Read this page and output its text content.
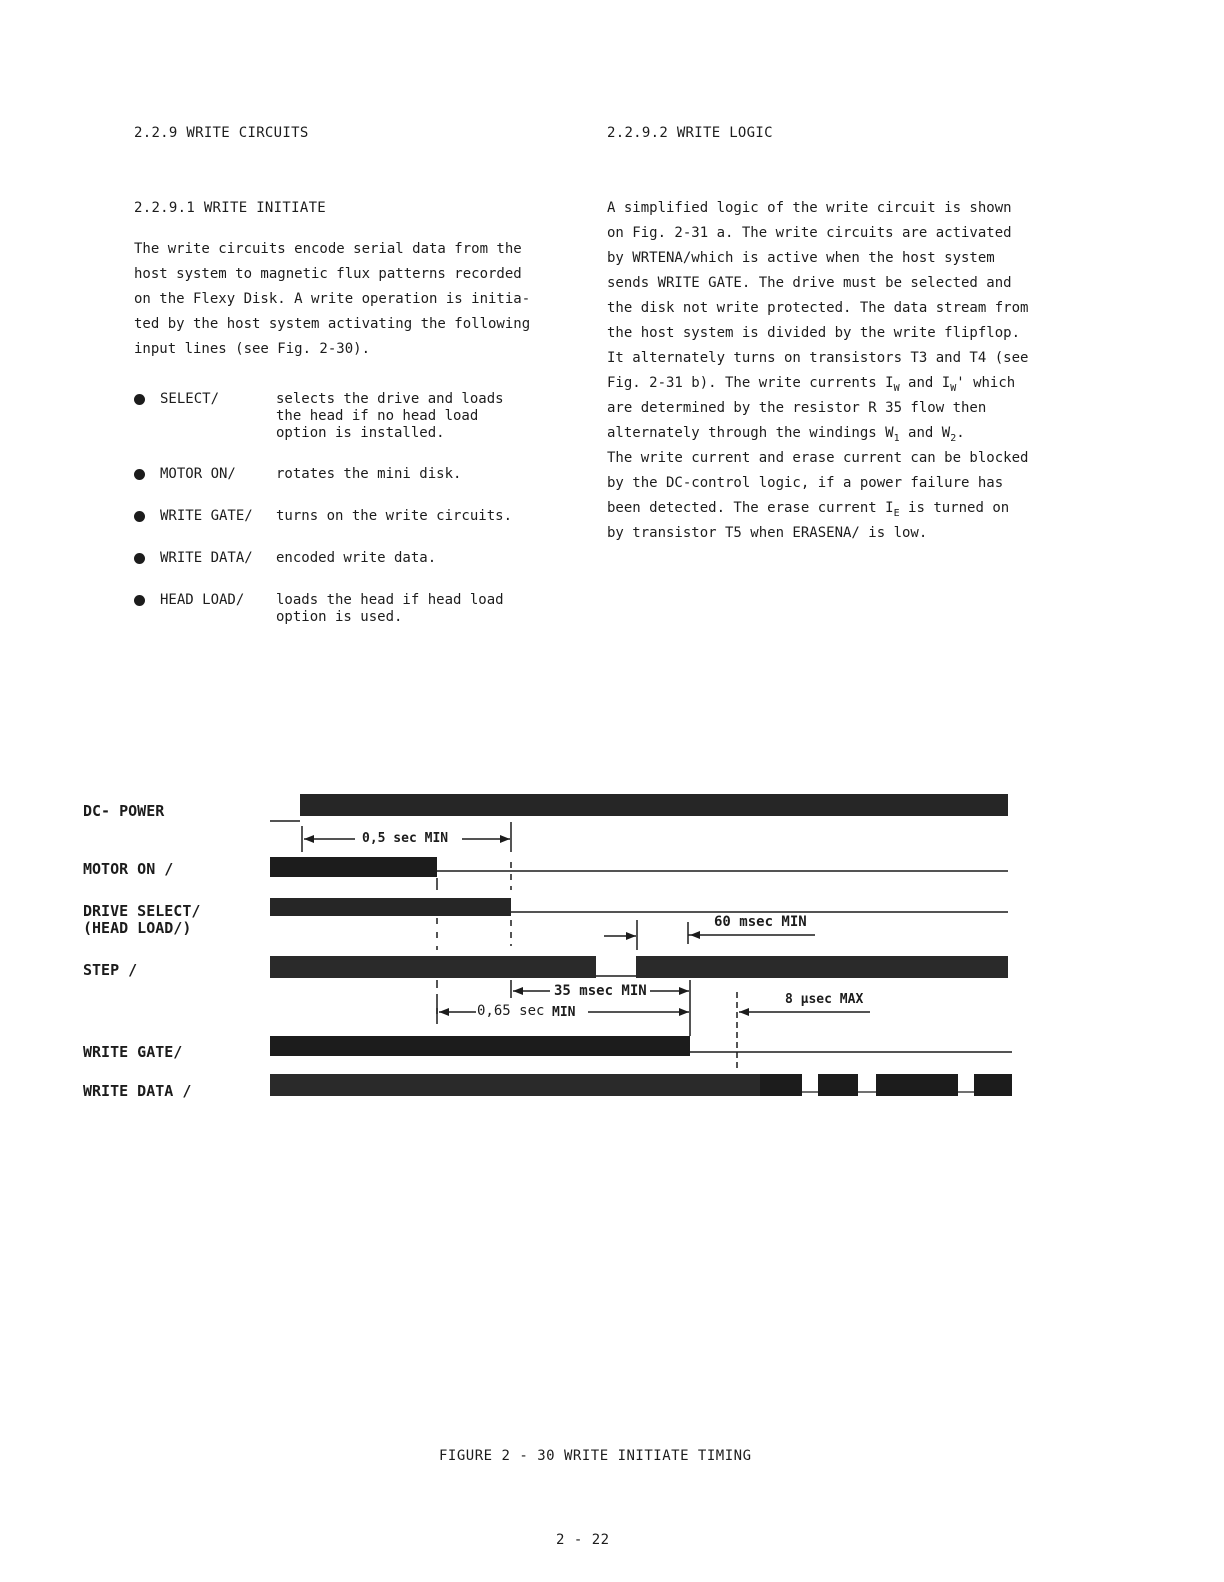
2.2.9 WRITE CIRCUITS
2.2.9.1 WRITE INITIATE
The write circuits encode serial data from the
host system to magnetic flux patterns recorded
on the Flexy Disk. A write operation is initia-
ted by the host system activating the following
input lines (see Fig. 2-30).
SELECT/	selects the drive and loads
the head if no head load
option is installed.
MOTOR ON/	rotates the mini disk.
WRITE GATE/ turns on the write circuits.
WRITE DATA/ encoded write data.
HEAD LOAD/ loads the head if head load
option is used.
2.2.9.2 WRITE LOGIC
A simplified logic of the write circuit is shown
on Fig. 2-31 a. The write circuits are activated
by WRTENA/which is active when the host system
sends WRITE GATE. The drive must be selected and
the disk not write protected. The data stream from
the host system is divided by the write flipflop.
It alternately turns on transistors T3 and T4 (see
Fig. 2-31 b). The write currents $I_W$ and $I_W'$ which
are determined by the resistor R 35 flow then
alternately through the windings $W_1$ and $W_2$.
The write current and erase current can be blocked
by the DC-control logic, if a power failure has
been detected. The erase current $I_E$ is turned on
by transistor T5 when ERASENA/ is low.
DC- POWER
MOTOR ON /
DRIVE SELECT/
(HEAD LOAD/)
STEP /
WRITE GATE/
WRITE DATA /
0,5 sec MIN
60 msec MIN
35 msec MIN
0,65 sec MIN
8 µsec MAX
FIGURE 2 - 30 WRITE INITIATE TIMING
2 - 22
